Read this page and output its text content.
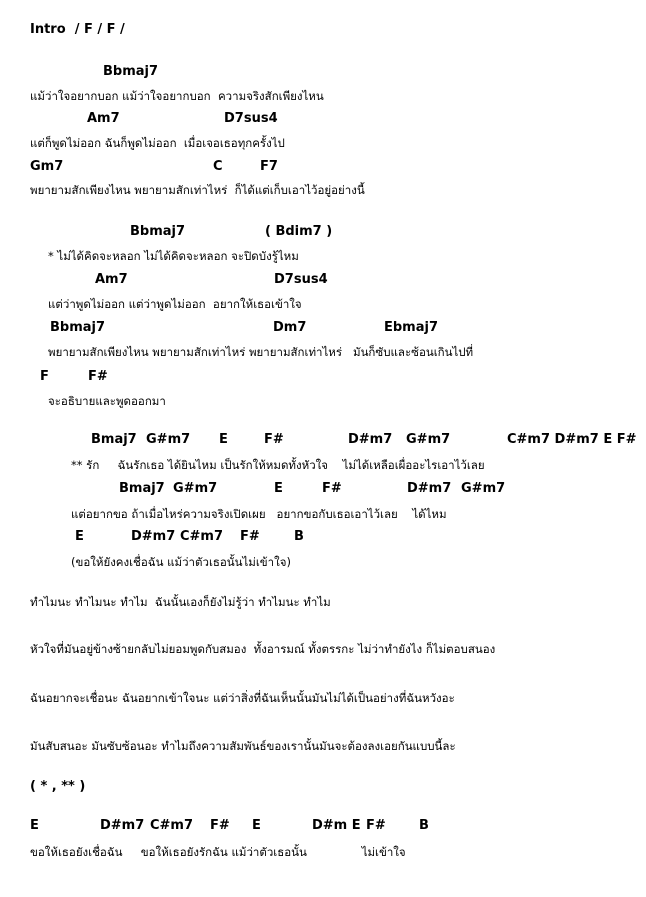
Intro  / F / F /
Bbmaj7
แม้ว่าใจอยากบอก แม้ว่าใจอยากบอก  ความจริงสักเพียงไหน
Am7	D7sus4
แต่ก็พูดไม่ออก ฉันก็พูดไม่ออก  เมื่อเจอเธอทุกครั้งไป
Gm7	C	F7
พยายามสักเพียงไหน พยายามสักเท่าไหร่  ก็ได้แต่เก็บเอาไว้อยู่อย่างนี้
Bbmaj7	( Bdim7 )
* ไม่ได้คิดจะหลอก ไม่ได้คิดจะหลอก จะปิดบังรู้ไหม
Am7	D7sus4
แต่ว่าพูดไม่ออก แต่ว่าพูดไม่ออก  อยากให้เธอเข้าใจ
Bbmaj7	Dm7	Ebmaj7
พยายามสักเพียงไหน พยายามสักเท่าไหร่ พยายามสักเท่าไหร่   มันก็ซับและซ้อนเกินไปที่
F	F#
จะอธิบายและพูดออกมา
Bmaj7 G#m7 E	F#	D#m7 G#m7	C#m7 D#m7 E F#
** รัก     ฉันรักเธอ ได้ยินไหม เป็นรักให้หมดทั้งหัวใจ    ไม่ได้เหลือเผื่ออะไรเอาไว้เลย
Bmaj7 G#m7	E	F#	D#m7 G#m7
แต่อยากขอ ถ้าเมื่อไหร่ความจริงเปิดเผย   อยากขอกับเธอเอาไว้เลย    ได้ไหม
E	D#m7 C#m7 F#	B
(ขอให้ยังคงเชื่อฉัน แม้ว่าตัวเธอนั้นไม่เข้าใจ)
ทำไมนะ ทำไมนะ ทำไม  ฉันนั้นเองก็ยังไม่รู้ว่า ทำไมนะ ทำไม
หัวใจที่มันอยู่ข้างซ้ายกลับไม่ยอมพูดกับสมอง  ทั้งอารมณ์ ทั้งตรรกะ ไม่ว่าทำยังไง ก็ไม่ตอบสนอง
ฉันอยากจะเชื่อนะ ฉันอยากเข้าใจนะ แต่ว่าสิ่งที่ฉันเห็นนั้นมันไม่ได้เป็นอย่างที่ฉันหวังอะ
มันสับสนอะ มันซับซ้อนอะ ทำไมถึงความสัมพันธ์ของเรานั้นมันจะต้องลงเอยกันแบบนี้ละ
( * , ** )
E	D#m7 C#m7 F# E	D#m E F#	B
ขอให้เธอยังเชื่อฉัน     ขอให้เธอยังรักฉัน แม้ว่าตัวเธอนั้น               ไม่เข้าใจ
